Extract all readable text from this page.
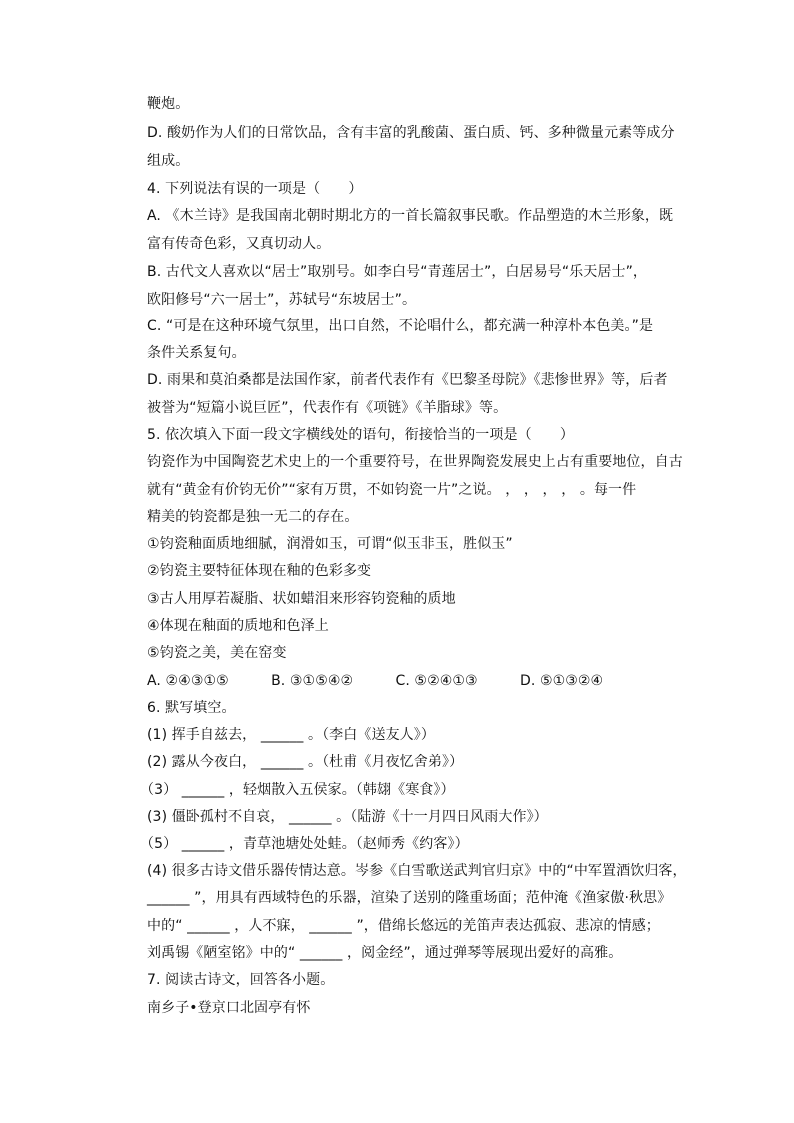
鞭炮。
D. 酸奶作为人们的日常饮品，含有丰富的乳酸菌、蛋白质、钙、多种微量元素等成分
组成。
4. 下列说法有误的一项是（　　）
A. 《木兰诗》是我国南北朝时期北方的一首长篇叙事民歌。作品塑造的木兰形象，既
富有传奇色彩，又真切动人。
B. 古代文人喜欢以“居士”取别号。如李白号“青莲居士”，白居易号“乐天居士”，
欧阳修号“六一居士”，苏轼号“东坡居士”。
C. “可是在这种环境气氛里，出口自然，不论唱什么，都充满一种淳朴本色美。”是
条件关系复句。
D. 雨果和莫泊桑都是法国作家，前者代表作有《巴黎圣母院》《悲惨世界》等，后者
被誉为“短篇小说巨匠”，代表作有《项链》《羊脂球》等。
5. 依次填入下面一段文字横线处的语句，衔接恰当的一项是（　　）
钧瓷作为中国陶瓷艺术史上的一个重要符号，在世界陶瓷发展史上占有重要地位，自古
就有“黄金有价钧无价”“家有万贯，不如钧瓷一片”之说。 ， ， ， ， 。每一件
精美的钧瓷都是独一无二的存在。
①钧瓷釉面质地细腻，润滑如玉，可谓“似玉非玉，胜似玉”
②钧瓷主要特征体现在釉的色彩多变
③古人用厚若凝脂、状如蜡泪来形容钧瓷釉的质地
④体现在釉面的质地和色泽上
⑤钧瓷之美，美在窑变
A. ②④③①⑤　　　B. ③①⑤④②　　　C. ⑤②④①③　　　D. ⑤①③②④
6. 默写填空。
(1) 挥手自兹去， ______ 。（李白《送友人》）
(2) 露从今夜白， ______ 。（杜甫《月夜忆舍弟》）
（3） ______ ，轻烟散入五侯家。（韩翃《寒食》）
(3) 僵卧孤村不自哀， ______ 。（陆游《十一月四日风雨大作》）
（5） ______ ，青草池塘处处蛙。（赵师秀《约客》）
(4) 很多古诗文借乐器传情达意。岑参《白雪歌送武判官归京》中的“中军置酒饮归客，
______ ”，用具有西域特色的乐器，渲染了送别的隆重场面；范仲淹《渔家傲·秋思》
中的“ ______ ，人不寐， ______ ”，借绵长悠远的羌笛声表达孤寂、悲凉的情感；
刘禹锡《陋室铭》中的“ ______ ，阅金经”，通过弹琴等展现出爱好的高雅。
7. 阅读古诗文，回答各小题。
南乡子•登京口北固亭有怀
